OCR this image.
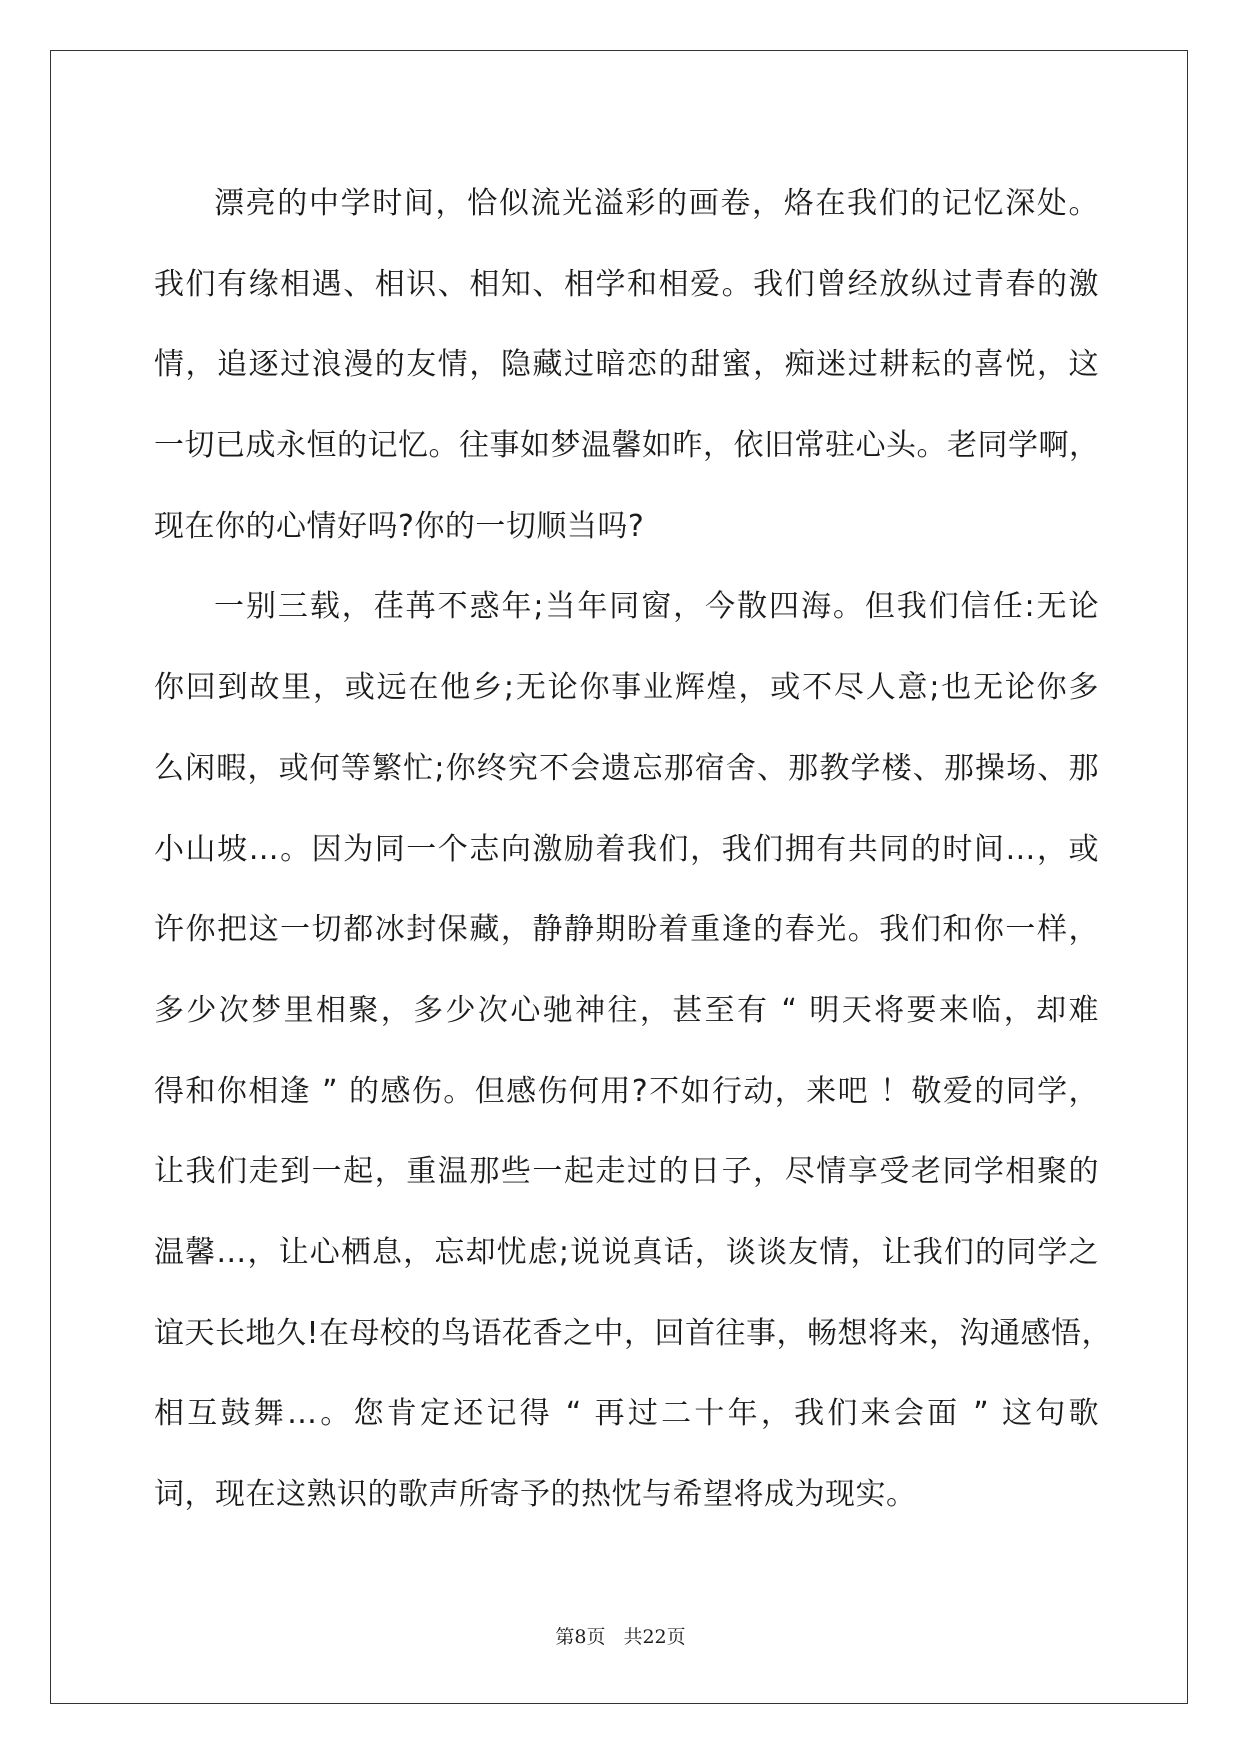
漂亮的中学时间，恰似流光溢彩的画卷，烙在我们的记忆深处。
我们有缘相遇、相识、相知、相学和相爱。我们曾经放纵过青春的激
情，追逐过浪漫的友情，隐藏过暗恋的甜蜜，痴迷过耕耘的喜悦，这
一切已成永恒的记忆。往事如梦温馨如昨，依旧常驻心头。老同学啊，
现在你的心情好吗?你的一切顺当吗?
一别三载，荏苒不惑年;当年同窗，今散四海。但我们信任:无论
你回到故里，或远在他乡;无论你事业辉煌，或不尽人意;也无论你多
么闲暇，或何等繁忙;你终究不会遗忘那宿舍、那教学楼、那操场、那
小山坡…。因为同一个志向激励着我们，我们拥有共同的时间…，或
许你把这一切都冰封保藏，静静期盼着重逢的春光。我们和你一样，
多少次梦里相聚，多少次心驰神往，甚至有 “ 明天将要来临，却难
得和你相逢 ” 的感伤。但感伤何用?不如行动，来吧 ！敬爱的同学，
让我们走到一起，重温那些一起走过的日子，尽情享受老同学相聚的
温馨…，让心栖息，忘却忧虑;说说真话，谈谈友情，让我们的同学之
谊天长地久!在母校的鸟语花香之中，回首往事，畅想将来，沟通感悟，
相互鼓舞…。您肯定还记得 “ 再过二十年，我们来会面 ” 这句歌
词，现在这熟识的歌声所寄予的热忱与希望将成为现实。
第8页 共22页
